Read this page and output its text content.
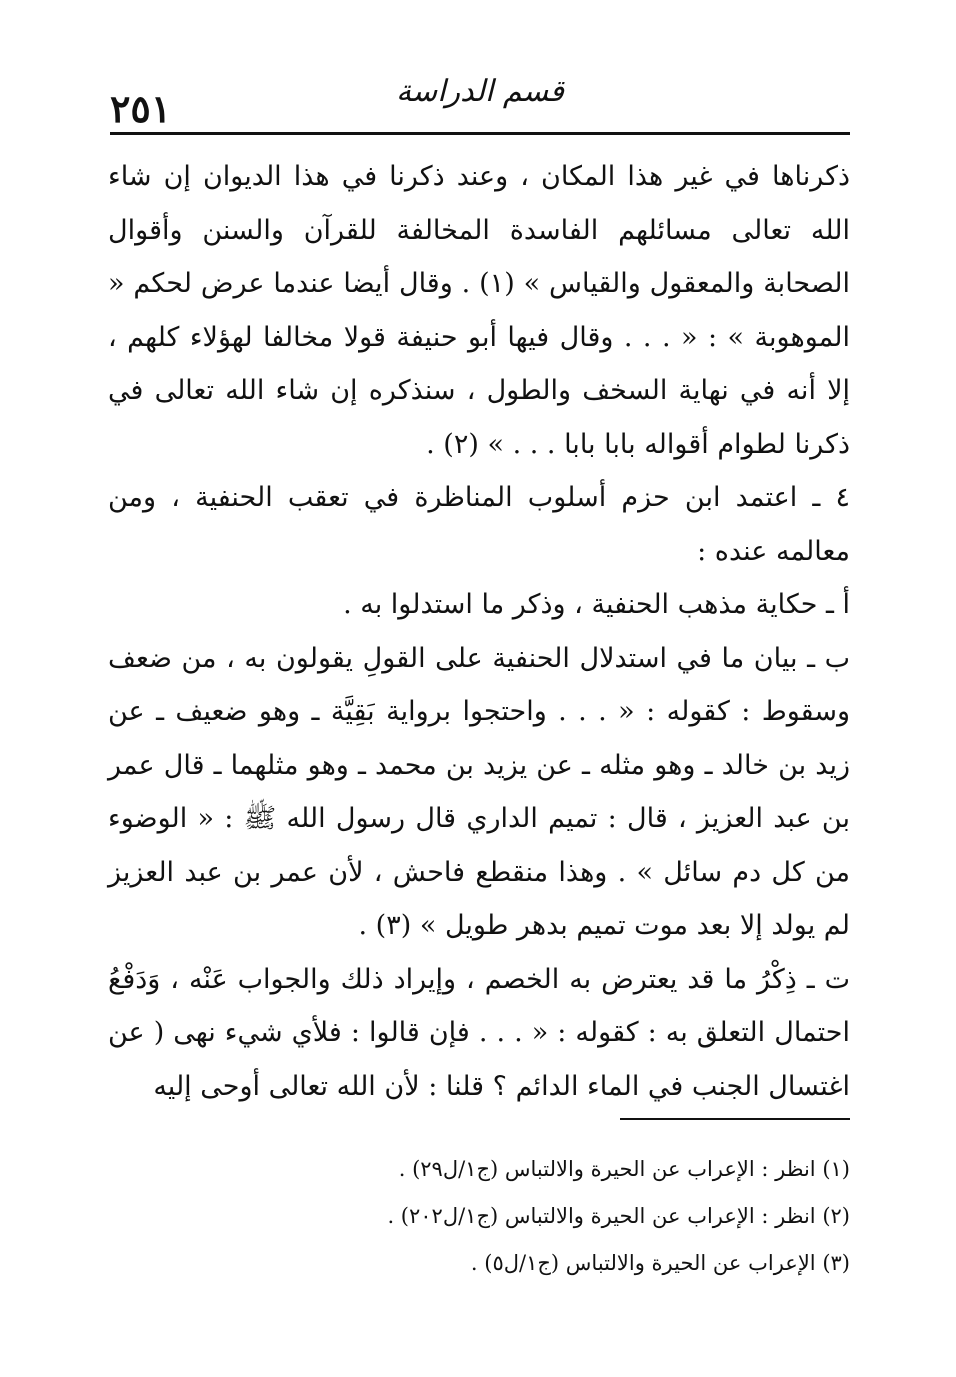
٢٥١	قسم الدراسة

ذكرناها في غير هذا المكان ، وعند ذكرنا في هذا الديوان إن شاء الله تعالى مسائلهم الفاسدة المخالفة للقرآن والسنن وأقوال الصحابة والمعقول والقياس » (١) . وقال أيضا عندما عرض لحكم « الموهوبة » : « . . . وقال فيها أبو حنيفة قولا مخالفا لهؤلاء كلهم ، إلا أنه في نهاية السخف والطول ، سنذكره إن شاء الله تعالى في ذكرنا لطوام أقواله بابا بابا . . . » (٢) .

٤ ـ اعتمد ابن حزم أسلوب المناظرة في تعقب الحنفية ، ومن معالمه عنده :

أ ـ حكاية مذهب الحنفية ، وذكر ما استدلوا به .

ب ـ بيان ما في استدلال الحنفية على القولِ يقولون به ، من ضعف وسقوط : كقوله : « . . . واحتجوا برواية بَقِيَّة ـ وهو ضعيف ـ عن زيد بن خالد ـ وهو مثله ـ عن يزيد بن محمد ـ وهو مثلهما ـ قال عمر بن عبد العزيز ، قال : تميم الداري قال رسول الله ﷺ : « الوضوء من كل دم سائل » . وهذا منقطع فاحش ، لأن عمر بن عبد العزيز لم يولد إلا بعد موت تميم بدهر طويل » (٣) .

ت ـ ذِكْرُ ما قد يعترض به الخصم ، وإيراد ذلك والجواب عَنْه ، وَدَفْعُ احتمال التعلق به : كقوله : « . . . فإن قالوا : فلأي شيء نهى ( عن اغتسال الجنب في الماء الدائم ؟ قلنا : لأن الله تعالى أوحى إليه

(١) انظر : الإعراب عن الحيرة والالتباس (ج١/ل٢٩) .

(٢) انظر : الإعراب عن الحيرة والالتباس (ج١/ل٢٠٢) .

(٣) الإعراب عن الحيرة والالتباس (ج١/ل٥) .
